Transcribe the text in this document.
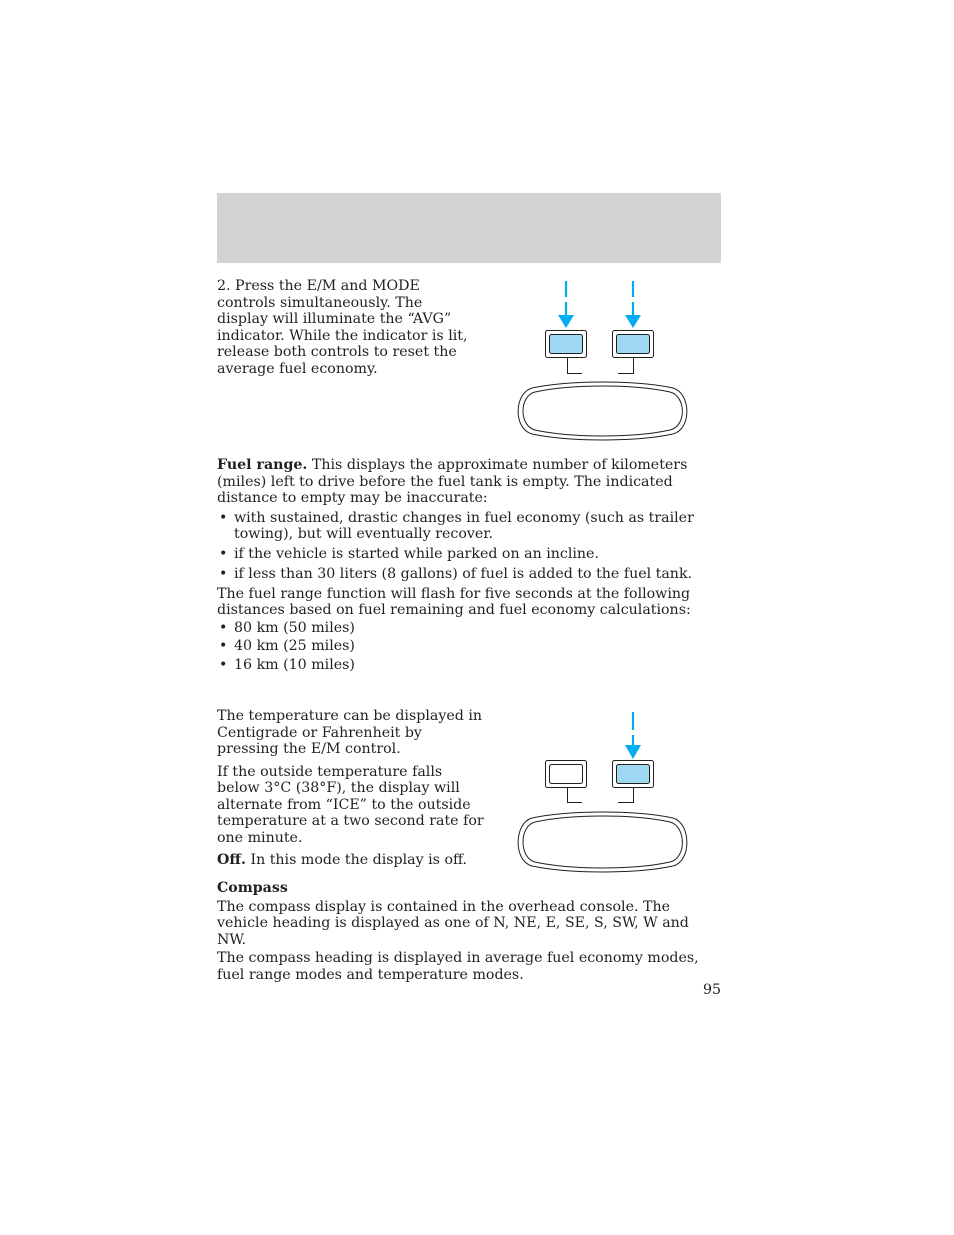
2. Press the E/M and MODE controls simultaneously. The display will illuminate the “AVG” indicator. While the indicator is lit, release both controls to reset the average fuel economy.

Fuel range. This displays the approximate number of kilometers (miles) left to drive before the fuel tank is empty. The indicated distance to empty may be inaccurate:

• with sustained, drastic changes in fuel economy (such as trailer towing), but will eventually recover.
• if the vehicle is started while parked on an incline.
• if less than 30 liters (8 gallons) of fuel is added to the fuel tank.

The fuel range function will flash for five seconds at the following distances based on fuel remaining and fuel economy calculations:

• 80 km (50 miles)
• 40 km (25 miles)
• 16 km (10 miles)

The temperature can be displayed in Centigrade or Fahrenheit by pressing the E/M control.

If the outside temperature falls below 3°C (38°F), the display will alternate from “ICE” to the outside temperature at a two second rate for one minute.

Off. In this mode the display is off.

Compass

The compass display is contained in the overhead console. The vehicle heading is displayed as one of N, NE, E, SE, S, SW, W and NW.

The compass heading is displayed in average fuel economy modes, fuel range modes and temperature modes.

95
